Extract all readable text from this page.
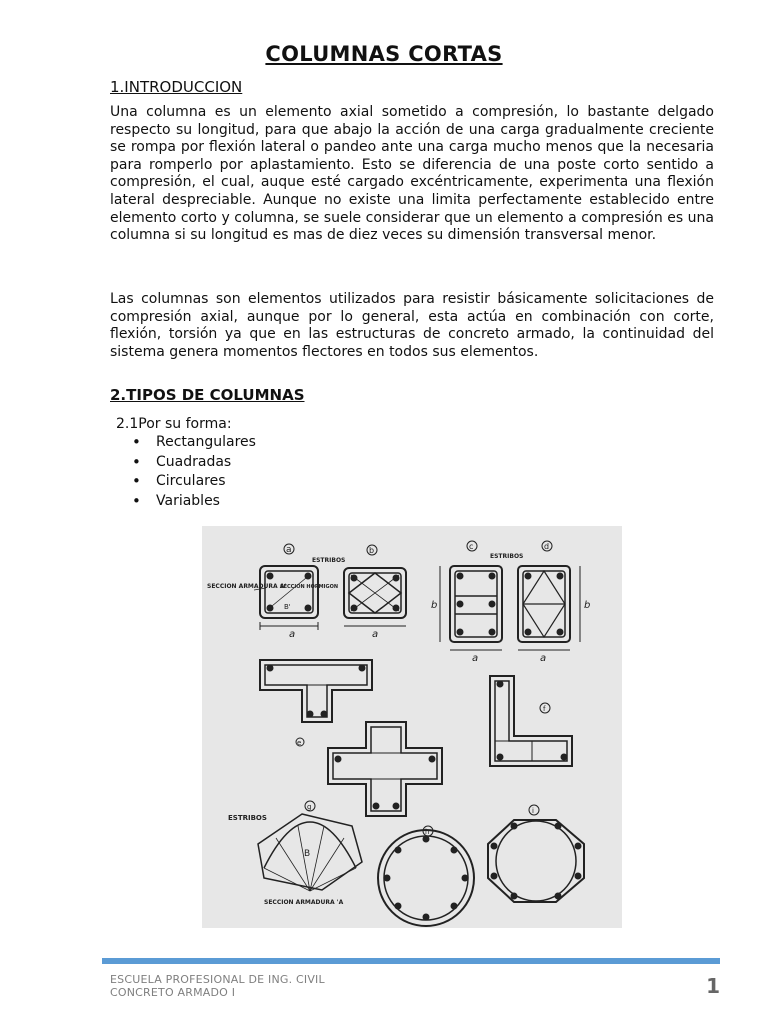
COLUMNAS CORTAS
1.INTRODUCCION
Una columna es un elemento axial sometido a compresión, lo bastante delgado respecto su longitud, para que abajo la acción de una carga gradualmente creciente se rompa por flexión lateral o pandeo ante una carga mucho menos que la necesaria para romperlo por aplastamiento. Esto se diferencia de una poste corto sentido a compresión, el cual, auque esté cargado excéntricamente, experimenta una flexión lateral despreciable. Aunque no existe una limita perfectamente establecido entre elemento corto y columna, se suele considerar que un elemento a compresión es una columna si su longitud es mas de diez veces su dimensión transversal menor.
Las columnas son elementos utilizados para resistir básicamente solicitaciones de compresión axial, aunque por lo general, esta actúa en combinación con corte, flexión, torsión ya que en las estructuras de concreto armado, la continuidad del sistema genera momentos flectores en todos sus elementos.
2.TIPOS DE COLUMNAS
2.1Por su forma:
• Rectangulares
• Cuadradas
• Circulares
• Variables
a
a
SECCION ARMADURA A'
SECCION HORMIGON
B'
a
b
ESTRIBOS
b
a
c
ESTRIBOS
b
a
d
f
e
g
ESTRIBOS
B
SECCION ARMADURA 'A
h
i
ESCUELA PROFESIONAL DE ING. CIVIL
CONCRETO ARMADO I	1
